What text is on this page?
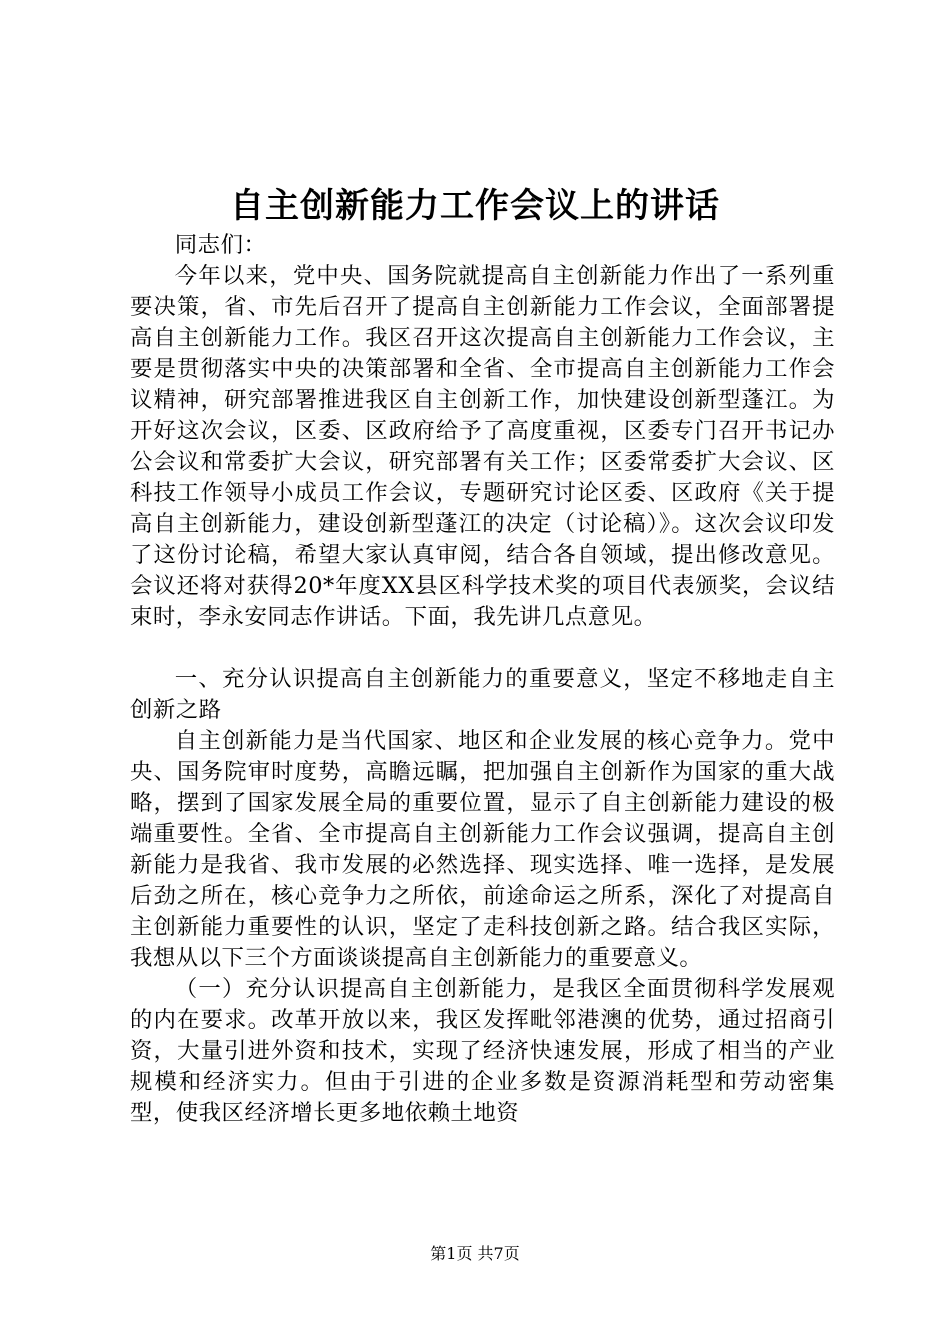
自主创新能力工作会议上的讲话

同志们：

今年以来，党中央、国务院就提高自主创新能力作出了一系列重要决策，省、市先后召开了提高自主创新能力工作会议，全面部署提高自主创新能力工作。我区召开这次提高自主创新能力工作会议，主要是贯彻落实中央的决策部署和全省、全市提高自主创新能力工作会议精神，研究部署推进我区自主创新工作，加快建设创新型蓬江。为开好这次会议，区委、区政府给予了高度重视，区委专门召开书记办公会议和常委扩大会议，研究部署有关工作；区委常委扩大会议、区科技工作领导小成员工作会议，专题研究讨论区委、区政府《关于提高自主创新能力，建设创新型蓬江的决定（讨论稿）》。这次会议印发了这份讨论稿，希望大家认真审阅，结合各自领域，提出修改意见。会议还将对获得20*年度XX县区科学技术奖的项目代表颁奖，会议结束时，李永安同志作讲话。下面，我先讲几点意见。

一、充分认识提高自主创新能力的重要意义，坚定不移地走自主创新之路

自主创新能力是当代国家、地区和企业发展的核心竞争力。党中央、国务院审时度势，高瞻远瞩，把加强自主创新作为国家的重大战略，摆到了国家发展全局的重要位置，显示了自主创新能力建设的极端重要性。全省、全市提高自主创新能力工作会议强调，提高自主创新能力是我省、我市发展的必然选择、现实选择、唯一选择，是发展后劲之所在，核心竞争力之所依，前途命运之所系，深化了对提高自主创新能力重要性的认识，坚定了走科技创新之路。结合我区实际，我想从以下三个方面谈谈提高自主创新能力的重要意义。

（一）充分认识提高自主创新能力，是我区全面贯彻科学发展观的内在要求。改革开放以来，我区发挥毗邻港澳的优势，通过招商引资，大量引进外资和技术，实现了经济快速发展，形成了相当的产业规模和经济实力。但由于引进的企业多数是资源消耗型和劳动密集型，使我区经济增长更多地依赖土地资

第1页 共7页
